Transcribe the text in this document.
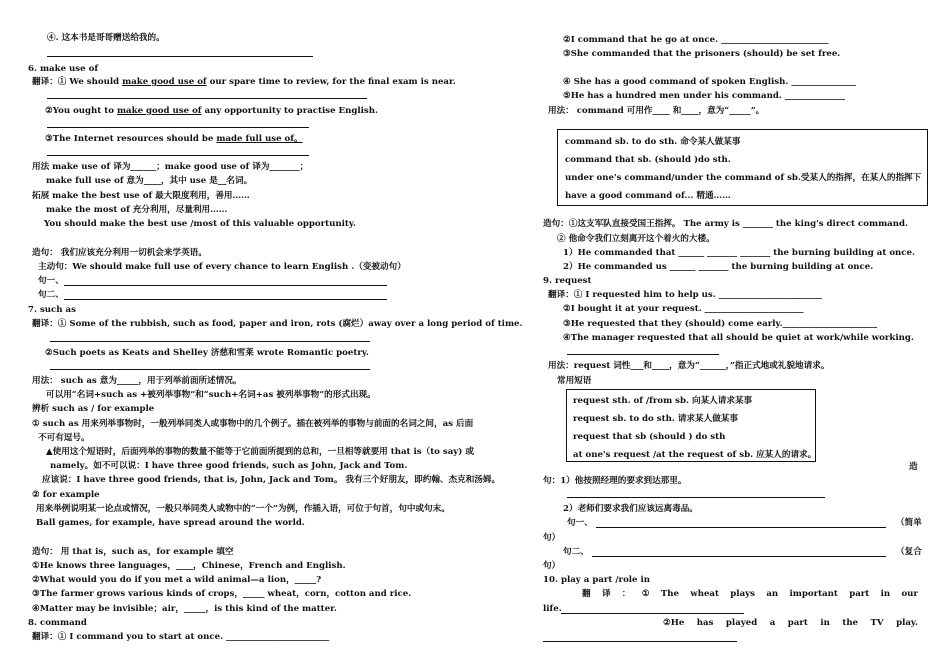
④. 这本书是哥哥赠送给我的。
6. make use of
翻译：① We should make good use of our spare time to review, for the final exam is near.
②You ought to make good use of any opportunity to practise English.
③The Internet resources should be made full use of。
用法 make use of 译为______；make good use of 译为_______；
make full use of 意为____，其中 use 是__名词。
拓展 make the best use of 最大限度利用，善用……
make the most of 充分利用，尽量利用……
You should make the best use /most of this valuable opportunity.
造句： 我们应该充分利用一切机会来学英语。
主动句：We should make full use of every chance to learn English .（变被动句）
句一、
句二、
7. such as
翻译：① Some of the rubbish, such as food, paper and iron, rots (腐烂）away over a long period of time.
②Such poets as Keats and Shelley 济慈和雪莱 wrote Romantic poetry.
用法： such as 意为_____，用于列举前面所述情况。
可以用“名词+such as +被列举事物”和“such+名词+as 被列举事物”的形式出现。
辨析 such as / for example
① such as 用来列举事物时，一般列举同类人或事物中的几个例子。插在被列举的事物与前面的名词之间，as 后面
不可有逗号。
▲使用这个短语时，后面列举的事物的数量不能等于它前面所提到的总和，一旦相等就要用 that is（to say) 或
namely。如不可以说：I have three good friends, such as John, Jack and Tom.
应该说：I have three good friends, that is, John, Jack and Tom。 我有三个好朋友，即约翰、杰克和汤姆。
② for example
用来举例说明某一论点或情况，一般只举同类人或物中的“一个”为例，作插入语，可位于句首，句中或句末。
Ball games, for example, have spread around the world.
造句： 用 that is，such as，for example 填空
①He knows three languages，____，Chinese，French and English.
②What would you do if you met a wild animal—a lion，_____?
③The farmer grows various kinds of crops，_____ wheat，corn，cotton and rice.
④Matter may be invisible；air，_____，is this kind of the matter.
8. command
翻译：① I command you to start at once. ________________________
②I command that he go at once. _________________________
③She commanded that the prisoners (should) be set free.
④ She has a good command of spoken English. _______________
⑤He has a hundred men under his command. ______________
用法： command 可用作____ 和____，意为“_____”。
command sb. to do sth. 命令某人做某事
command that sb. (should )do sth.
under one's command/under the command of sb.受某人的指挥，在某人的指挥下
have a good command of... 精通……
造句：①这支军队直接受国王指挥。 The army is _______ the king's direct command.
② 他命令我们立刻离开这个着火的大楼。
1）He commanded that ______ _______ _______ the burning building at once.
2）He commanded us ______ _______ the burning building at once.
9. request
翻译：① I requested him to help us. ________________________
②I bought it at your request. _______________________
③He requested that they (should) come early.______________________
④The manager requested that all should be quiet at work/while working.
用法：request 词性___和____，意为“______，”指正式地或礼貌地请求。
常用短语
request sth. of /from sb. 向某人请求某事
request sb. to do sth. 请求某人做某事
request that sb (should ) do sth
at one's request /at the request of sb. 应某人的请求。
造
句：1）他按照经理的要求到达那里。
2）老师们要求我们应该远离毒品。
句一、	（简单
句）
句二、	（复合
句）
10. play a part /role in
翻 译 ： ① The wheat plays an important part in our
life.
②He has played a part in the TV play.
